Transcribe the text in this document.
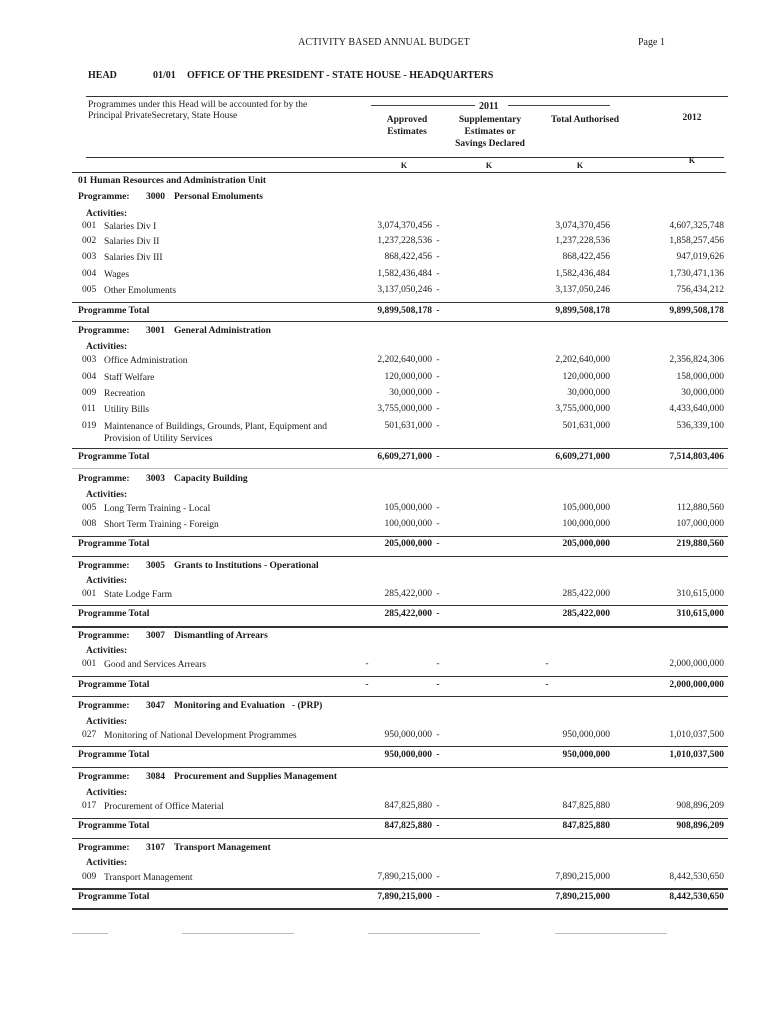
ACTIVITY BASED ANNUAL BUDGET	Page 1
HEAD	01/01 OFFICE OF THE PRESIDENT - STATE HOUSE - HEADQUARTERS
Programmes under this Head will be accounted for by the
Principal PrivateSecretary, State House
2011
Approved
Estimates
Supplementary
Estimates or
Savings Declared
Total Authorised	2012
K	K	K
K
01 Human Resources and Administration Unit
Programme: 3000 Personal Emoluments
Activities:
001 Salaries Div I	3,074,370,456 -	3,074,370,456	4,607,325,748
002 Salaries Div II	1,237,228,536 -	1,237,228,536	1,858,257,456
003 Salaries Div III	868,422,456 -	868,422,456	947,019,626
004 Wages	1,582,436,484 -	1,582,436,484	1,730,471,136
005 Other Emoluments	3,137,050,246 -	3,137,050,246	756,434,212
Programme Total	9,899,508,178 -	9,899,508,178	9,899,508,178
Programme: 3001 General Administration
Activities:
003 Office Administration	2,202,640,000 -	2,202,640,000	2,356,824,306
004 Staff Welfare	120,000,000 -	120,000,000	158,000,000
009 Recreation	30,000,000 -	30,000,000	30,000,000
011 Utility Bills	3,755,000,000 -	3,755,000,000	4,433,640,000
019 Maintenance of Buildings, Grounds, Plant, Equipment and
Provision of Utility Services
501,631,000 -	501,631,000	536,339,100
Programme Total	6,609,271,000 -	6,609,271,000	7,514,803,406
Programme: 3003 Capacity Building
Activities:
005 Long Term Training - Local	105,000,000 -	105,000,000	112,880,560
008 Short Term Training - Foreign	100,000,000 -	100,000,000	107,000,000
Programme Total	205,000,000 -	205,000,000	219,880,560
Programme: 3005 Grants to Institutions - Operational
Activities:
001 State Lodge Farm	285,422,000 -	285,422,000	310,615,000
Programme Total	285,422,000 -	285,422,000	310,615,000
Programme: 3007 Dismantling of Arrears
Activities:
001 Good and Services Arrears	-	-	-	2,000,000,000
Programme Total	-	-	-	2,000,000,000
Programme: 3047 Monitoring and Evaluation   - (PRP)
Activities:
027 Monitoring of National Development Programmes	950,000,000 -	950,000,000	1,010,037,500
Programme Total	950,000,000 -	950,000,000	1,010,037,500
Programme: 3084 Procurement and Supplies Management
Activities:
017 Procurement of Office Material	847,825,880 -	847,825,880	908,896,209
Programme Total	847,825,880 -	847,825,880	908,896,209
Programme: 3107 Transport Management
Activities:
009 Transport Management	7,890,215,000 -	7,890,215,000	8,442,530,650
Programme Total	7,890,215,000 -	7,890,215,000	8,442,530,650
